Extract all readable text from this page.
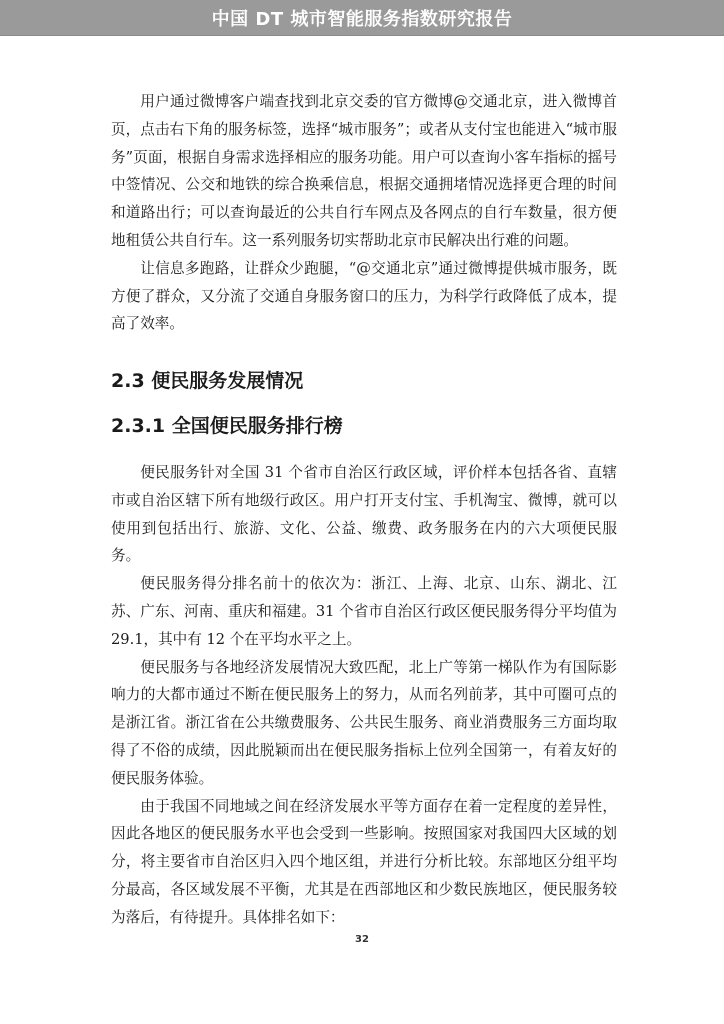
中国 DT 城市智能服务指数研究报告

用户通过微博客户端查找到北京交委的官方微博@交通北京，进入微博首页，点击右下角的服务标签，选择“城市服务”；或者从支付宝也能进入“城市服务”页面，根据自身需求选择相应的服务功能。用户可以查询小客车指标的摇号中签情况、公交和地铁的综合换乘信息，根据交通拥堵情况选择更合理的时间和道路出行；可以查询最近的公共自行车网点及各网点的自行车数量，很方便地租赁公共自行车。这一系列服务切实帮助北京市民解决出行难的问题。

让信息多跑路，让群众少跑腿，“@交通北京”通过微博提供城市服务，既方便了群众，又分流了交通自身服务窗口的压力，为科学行政降低了成本，提高了效率。

2.3 便民服务发展情况
2.3.1 全国便民服务排行榜

便民服务针对全国 31 个省市自治区行政区域，评价样本包括各省、直辖市或自治区辖下所有地级行政区。用户打开支付宝、手机淘宝、微博，就可以使用到包括出行、旅游、文化、公益、缴费、政务服务在内的六大项便民服务。

便民服务得分排名前十的依次为：浙江、上海、北京、山东、湖北、江苏、广东、河南、重庆和福建。31 个省市自治区行政区便民服务得分平均值为 29.1，其中有 12 个在平均水平之上。

便民服务与各地经济发展情况大致匹配，北上广等第一梯队作为有国际影响力的大都市通过不断在便民服务上的努力，从而名列前茅，其中可圈可点的是浙江省。浙江省在公共缴费服务、公共民生服务、商业消费服务三方面均取得了不俗的成绩，因此脱颖而出在便民服务指标上位列全国第一，有着友好的便民服务体验。

由于我国不同地域之间在经济发展水平等方面存在着一定程度的差异性，因此各地区的便民服务水平也会受到一些影响。按照国家对我国四大区域的划分，将主要省市自治区归入四个地区组，并进行分析比较。东部地区分组平均分最高，各区域发展不平衡，尤其是在西部地区和少数民族地区，便民服务较为落后，有待提升。具体排名如下：

32
